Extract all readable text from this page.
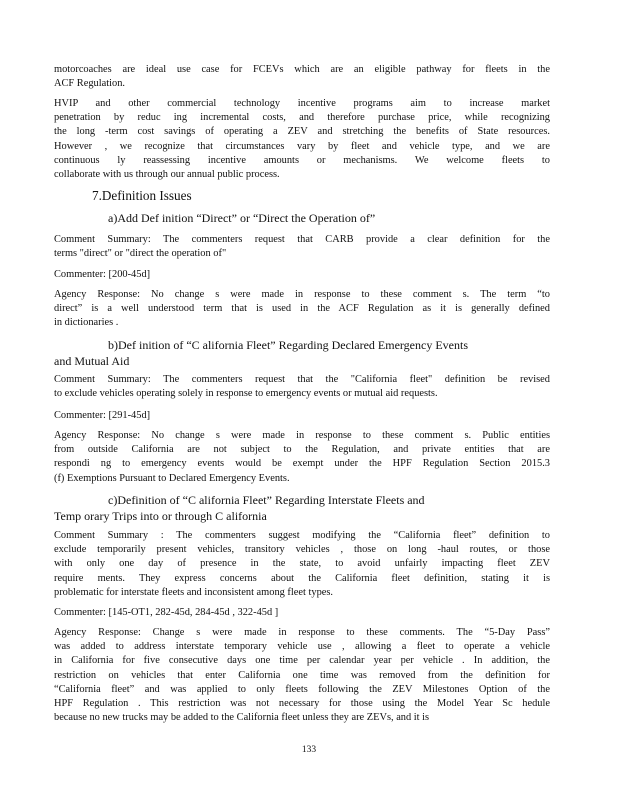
motorcoaches are ideal use case for FCEVs which are an eligible pathway for fleets in the
ACF Regulation.
HVIP and other commercial technology incentive programs aim to increase market
penetration by reduc ing incremental costs, and therefore purchase price, while recognizing
the long -term cost savings of operating a ZEV and stretching the benefits of State resources.
However , we recognize that circumstances vary by fleet and vehicle type, and we are
continuous ly reassessing incentive amounts or mechanisms. We welcome fleets to
collaborate with us through our annual public process.
7.Definition Issues
a)Add Def inition “Direct” or “Direct the Operation of”
Comment Summary: The commenters request that CARB provide a clear definition for the
terms "direct" or "direct the operation of"
Commenter: [200-45d]
Agency Response: No change s were made in response to these comment s. The term “to
direct” is a well understood term that is used in the ACF Regulation as it is generally defined
in dictionaries .
b)Def inition of “C alifornia Fleet” Regarding Declared Emergency Events
and Mutual Aid
Comment Summary: The commenters request that the "California fleet" definition be revised
to exclude vehicles operating solely in response to emergency events or mutual aid requests.
Commenter: [291-45d]
Agency Response: No change s were made in response to these comment s. Public entities
from outside California are not subject to the Regulation, and private entities that are
respondi ng to emergency events would be exempt under the HPF Regulation Section 2015.3
(f) Exemptions Pursuant to Declared Emergency Events.
c)Definition of “C alifornia Fleet” Regarding Interstate Fleets and
Temp orary Trips into or through C alifornia
Comment Summary : The commenters suggest modifying the “California fleet” definition to
exclude temporarily present vehicles, transitory vehicles , those on long -haul routes, or those
with only one day of presence in the state, to avoid unfairly impacting fleet ZEV
require ments. They express concerns about the California fleet definition, stating it is
problematic for interstate fleets and inconsistent among fleet types.
Commenter: [145-OT1, 282-45d, 284-45d , 322-45d ]
Agency Response: Change s were made in response to these comments. The “5-Day Pass”
was added to address interstate temporary vehicle use , allowing a fleet to operate a vehicle
in California for five consecutive days one time per calendar year per vehicle . In addition, the
restriction on vehicles that enter California one time was removed from the definition for
“California fleet” and was applied to only fleets following the ZEV Milestones Option of the
HPF Regulation . This restriction was not necessary for those using the Model Year Sc hedule
because no new trucks may be added to the California fleet unless they are ZEVs, and it is
133
